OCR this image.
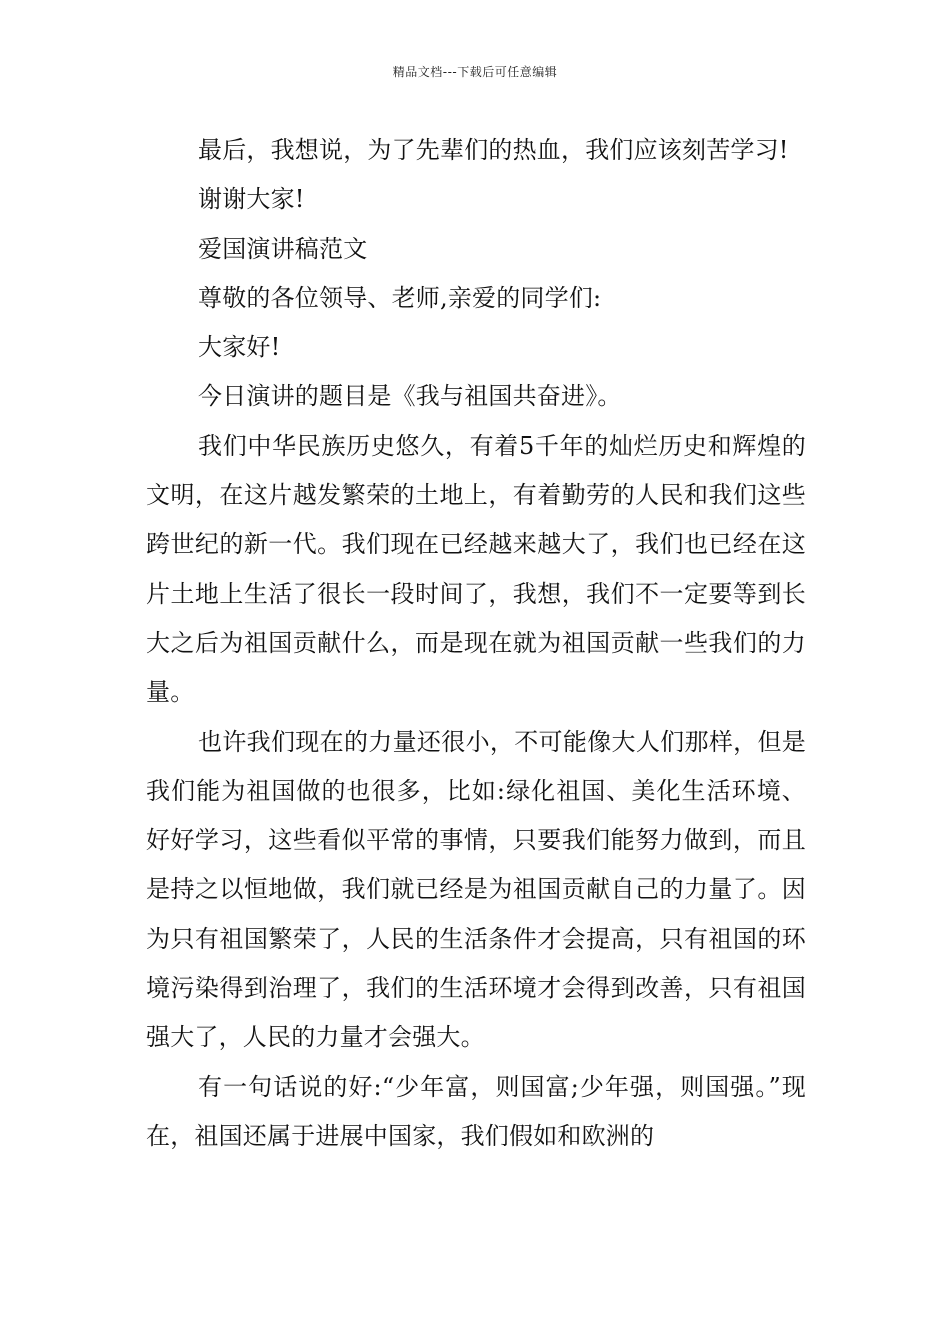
精品文档---下载后可任意编辑

最后，我想说，为了先辈们的热血，我们应该刻苦学习!

谢谢大家!

爱国演讲稿范文

尊敬的各位领导、老师,亲爱的同学们:

大家好!

今日演讲的题目是《我与祖国共奋进》。

我们中华民族历史悠久，有着5千年的灿烂历史和辉煌的文明，在这片越发繁荣的土地上，有着勤劳的人民和我们这些跨世纪的新一代。我们现在已经越来越大了，我们也已经在这片土地上生活了很长一段时间了，我想，我们不一定要等到长大之后为祖国贡献什么，而是现在就为祖国贡献一些我们的力量。

也许我们现在的力量还很小，不可能像大人们那样，但是我们能为祖国做的也很多，比如:绿化祖国、美化生活环境、好好学习，这些看似平常的事情，只要我们能努力做到，而且是持之以恒地做，我们就已经是为祖国贡献自己的力量了。因为只有祖国繁荣了，人民的生活条件才会提高，只有祖国的环境污染得到治理了，我们的生活环境才会得到改善，只有祖国强大了，人民的力量才会强大。

有一句话说的好:“少年富，则国富;少年强，则国强。”现在，祖国还属于进展中国家，我们假如和欧洲的
